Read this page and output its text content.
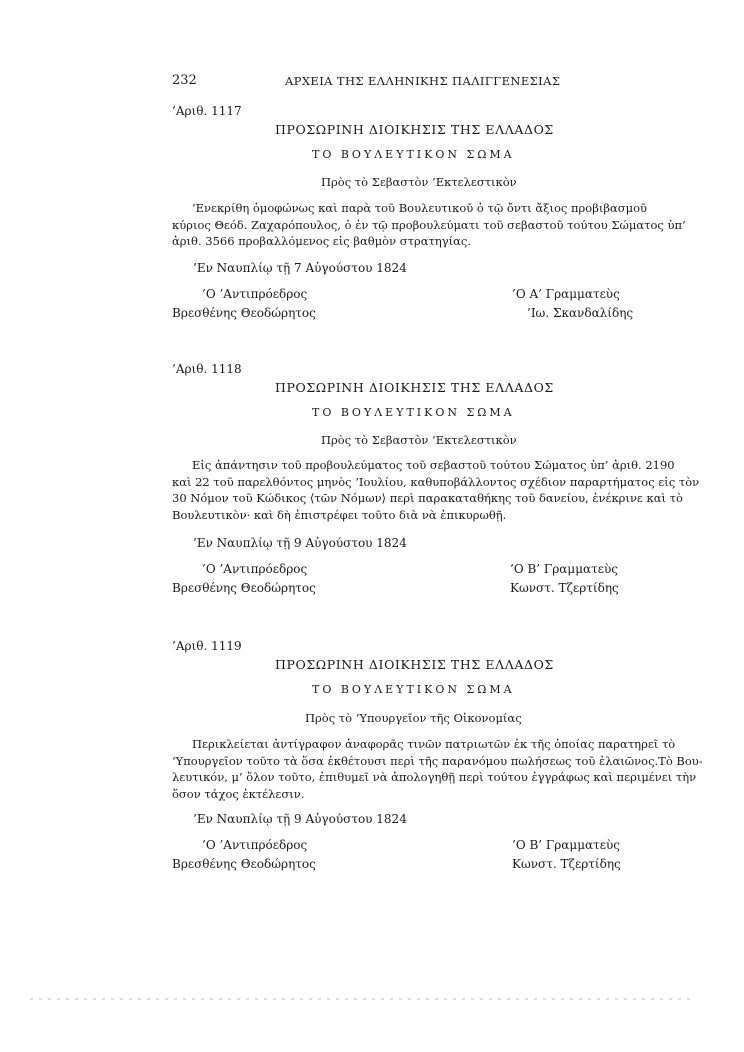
232	ΑΡΧΕΙΑ ΤΗΣ ΕΛΛΗΝΙΚΗΣ ΠΑΛΙΓΓΕΝΕΣΙΑΣ
’Αριθ. 1117
ΠΡΟΣΩΡΙΝΗ ΔΙΟΙΚΗΣΙΣ ΤΗΣ ΕΛΛΑΔΟΣ
ΤΟ ΒΟΥΛΕΥΤΙΚΟΝ ΣΩΜΑ
Πρὸς τὸ Σεβαστὸν ’Εκτελεστικὸν
’Ενεκρίθη ὁμοφώνως καὶ παρὰ τοῦ Βουλευτικοῦ ὁ τῷ ὄντι ἄξιος προβιβασμοῦ
κύριος Θεόδ. Ζαχαρόπουλος, ὁ ἐν τῷ προβουλεύματι τοῦ σεβαστοῦ τούτου Σώματος ὑπ’
ἀριθ. 3566 προβαλλόμενος εἰς βαθμὸν στρατηγίας.
’Εν Ναυπλίῳ τῇ 7 Αὐγούστου 1824
’Ο ’Αντιπρόεδρος
Βρεσθένης Θεοδώρητος
’Ο Α’ Γραμματεὺς
’Ιω. Σκανδαλίδης
’Αριθ. 1118
ΠΡΟΣΩΡΙΝΗ ΔΙΟΙΚΗΣΙΣ ΤΗΣ ΕΛΛΑΔΟΣ
ΤΟ ΒΟΥΛΕΥΤΙΚΟΝ ΣΩΜΑ
Πρὸς τὸ Σεβαστὸν ’Εκτελεστικὸν
Εἰς ἀπάντησιν τοῦ προβουλεύματος τοῦ σεβαστοῦ τούτου Σώματος ὑπ’ ἀριθ. 2190
καὶ 22 τοῦ παρελθόντος μηνὸς ’Ιουλίου, καθυποβάλλοντος σχέδιον παραρτήματος εἰς τὸν
30 Νόμον τοῦ Κώδικος ⟨τῶν Νόμων⟩ περὶ παρακαταθήκης τοῦ δανείου, ἐνέκρινε καὶ τὸ
Βουλευτικὸν· καὶ δὴ ἐπιστρέφει τοῦτο διὰ νὰ ἐπικυρωθῇ.
’Εν Ναυπλίῳ τῇ 9 Αὐγούστου 1824
’Ο ’Αντιπρόεδρος
Βρεσθένης Θεοδώρητος
’Ο Β’ Γραμματεὺς
Κωνστ. Τζερτίδης
’Αριθ. 1119
ΠΡΟΣΩΡΙΝΗ ΔΙΟΙΚΗΣΙΣ ΤΗΣ ΕΛΛΑΔΟΣ
ΤΟ ΒΟΥΛΕΥΤΙΚΟΝ ΣΩΜΑ
Πρὸς τὸ ‘Υπουργεῖον τῆς Οἰκονομίας
Περικλείεται ἀντίγραφον ἀναφορᾶς τινῶν πατριωτῶν ἐκ τῆς ὁποίας παρατηρεῖ τὸ
‘Υπουργεῖον τοῦτο τὰ ὅσα ἐκθέτουσι περὶ τῆς παρανόμου πωλήσεως τοῦ ἐλαιῶνος.Τὸ Βου-
λευτικόν, μ’ ὅλον τοῦτο, ἐπιθυμεῖ νὰ ἀπολογηθῇ περὶ τούτου ἐγγράφως καὶ περιμένει τὴν
ὅσον τάχος ἐκτέλεσιν.
’Εν Ναυπλίῳ τῇ 9 Αὐγούστου 1824
’Ο ’Αντιπρόεδρος
Βρεσθένης Θεοδώρητος
’Ο Β’ Γραμματεὺς
Κωνστ. Τζερτίδης
